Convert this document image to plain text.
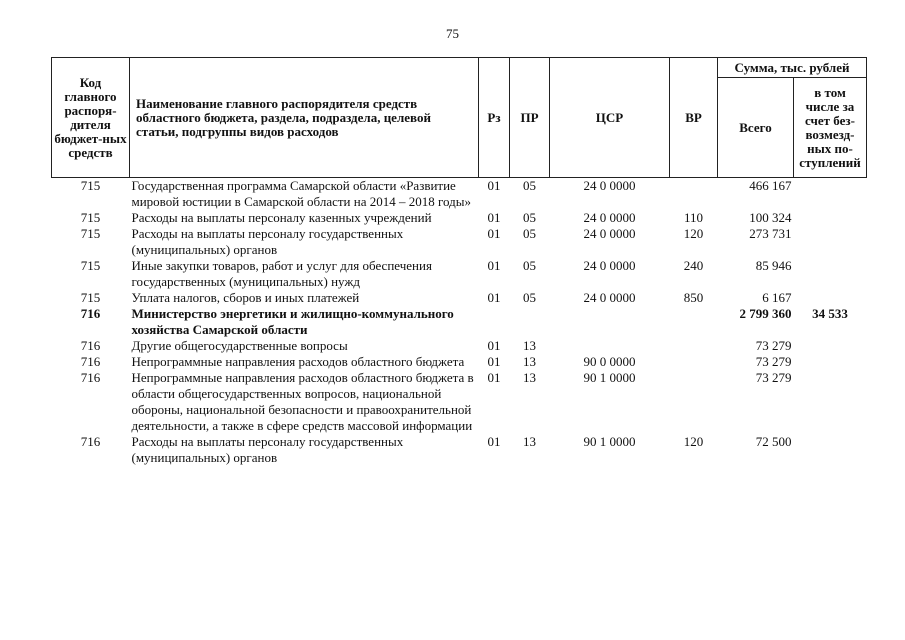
75
Код главного распоря-дителя бюджет-ных средств	Наименование главного распорядителя средств областного бюджета, раздела, подраздела, целевой статьи, подгруппы видов расходов	Рз	ПР	ЦСР	ВР	Сумма, тыс. рублей	
						Всего	в том числе за счет без-возмезд-ных по-ступлений
715	Государственная программа Самарской области «Развитие мировой юстиции в Самарской области на 2014 – 2018 годы»	01	05	24 0 0000		466 167	
715	Расходы на выплаты персоналу казенных учреждений	01	05	24 0 0000	110	100 324	
715	Расходы на выплаты персоналу государственных (муниципальных) органов	01	05	24 0 0000	120	273 731	
715	Иные закупки товаров, работ и услуг для обеспечения государственных (муниципальных) нужд	01	05	24 0 0000	240	85 946	
715	Уплата налогов, сборов и иных платежей	01	05	24 0 0000	850	6 167	
716	Министерство энергетики и жилищно-коммунального хозяйства Самарской области					2 799 360	34 533
716	Другие общегосударственные вопросы	01	13			73 279	
716	Непрограммные направления расходов областного бюджета	01	13	90 0 0000		73 279	
716	Непрограммные направления расходов областного бюджета в области общегосударственных вопросов, национальной обороны, национальной безопасности и правоохранительной деятельности, а также в сфере средств массовой информации	01	13	90 1 0000		73 279	
716	Расходы на выплаты персоналу государственных (муниципальных) органов	01	13	90 1 0000	120	72 500	
